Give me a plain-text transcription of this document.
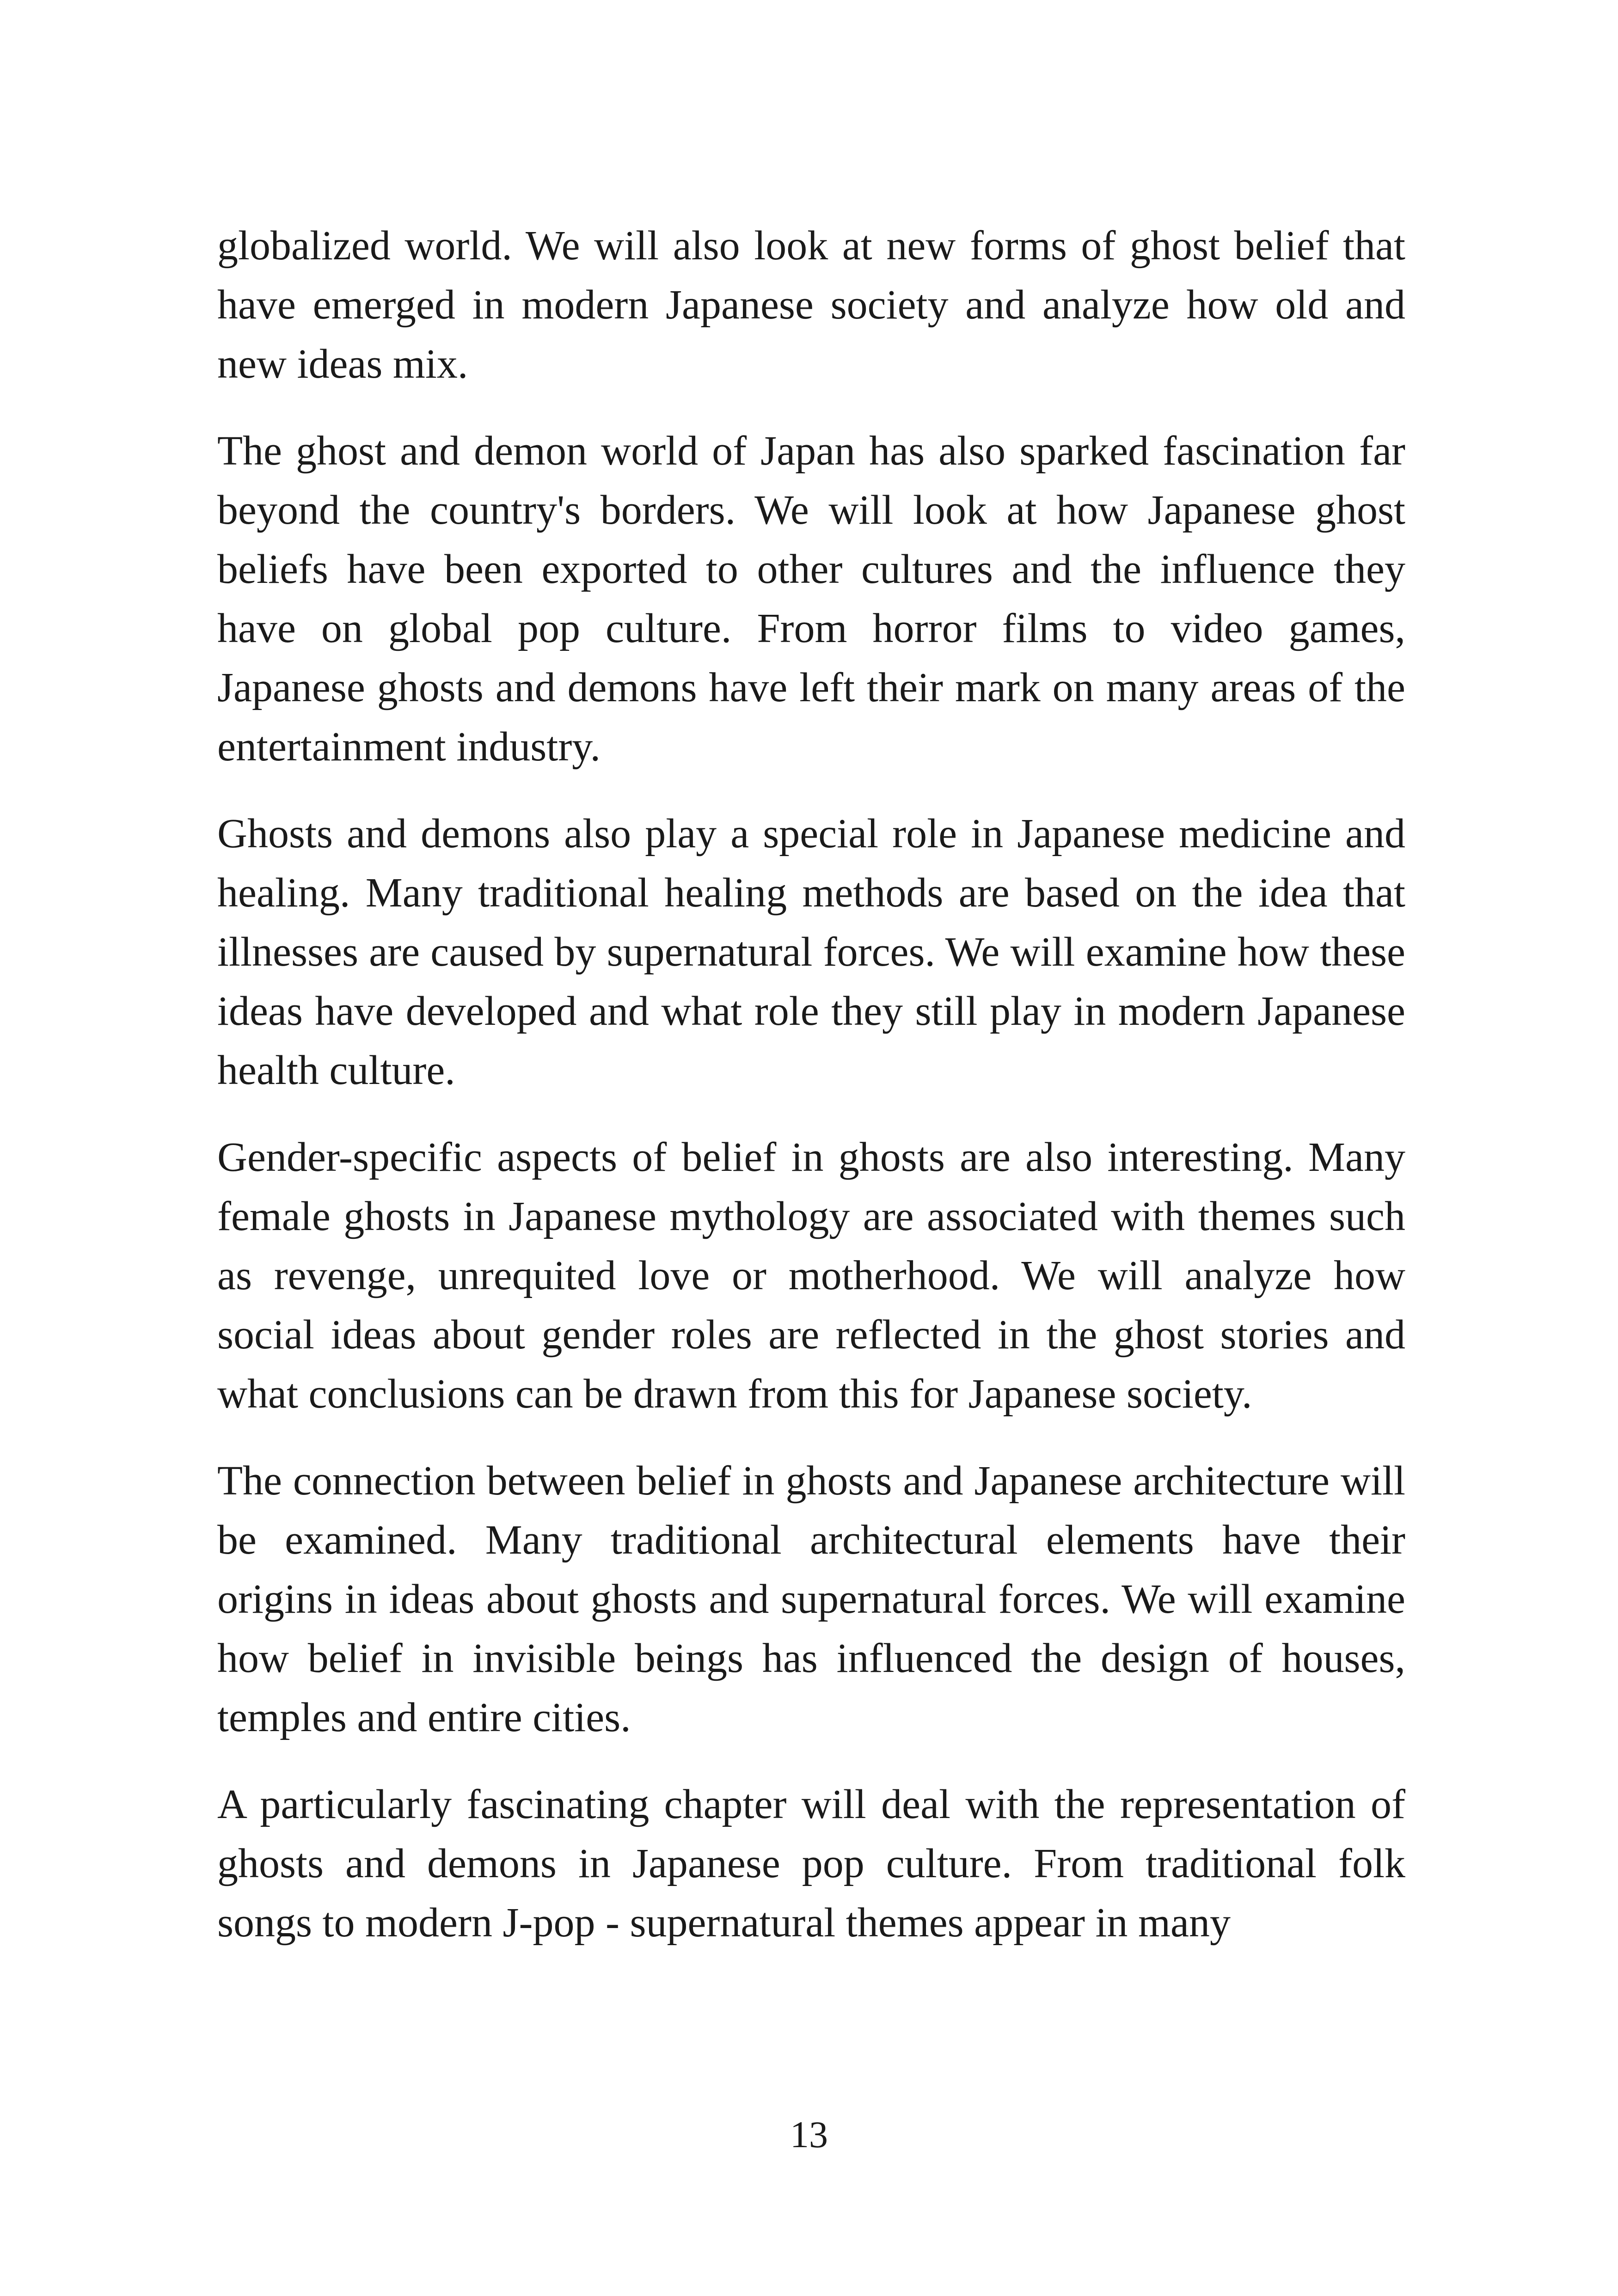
globalized world. We will also look at new forms of ghost belief that have emerged in modern Japanese society and analyze how old and new ideas mix.

The ghost and demon world of Japan has also sparked fascination far beyond the country's borders. We will look at how Japanese ghost beliefs have been exported to other cultures and the influence they have on global pop culture. From horror films to video games, Japanese ghosts and demons have left their mark on many areas of the entertainment industry.

Ghosts and demons also play a special role in Japanese medicine and healing. Many traditional healing methods are based on the idea that illnesses are caused by supernatural forces. We will examine how these ideas have developed and what role they still play in modern Japanese health culture.

Gender-specific aspects of belief in ghosts are also interesting. Many female ghosts in Japanese mythology are associated with themes such as revenge, unrequited love or motherhood. We will analyze how social ideas about gender roles are reflected in the ghost stories and what conclusions can be drawn from this for Japanese society.

The connection between belief in ghosts and Japanese architecture will be examined. Many traditional architectural elements have their origins in ideas about ghosts and supernatural forces. We will examine how belief in invisible beings has influenced the design of houses, temples and entire cities.

A particularly fascinating chapter will deal with the representation of ghosts and demons in Japanese pop culture. From traditional folk songs to modern J-pop - supernatural themes appear in many

13
